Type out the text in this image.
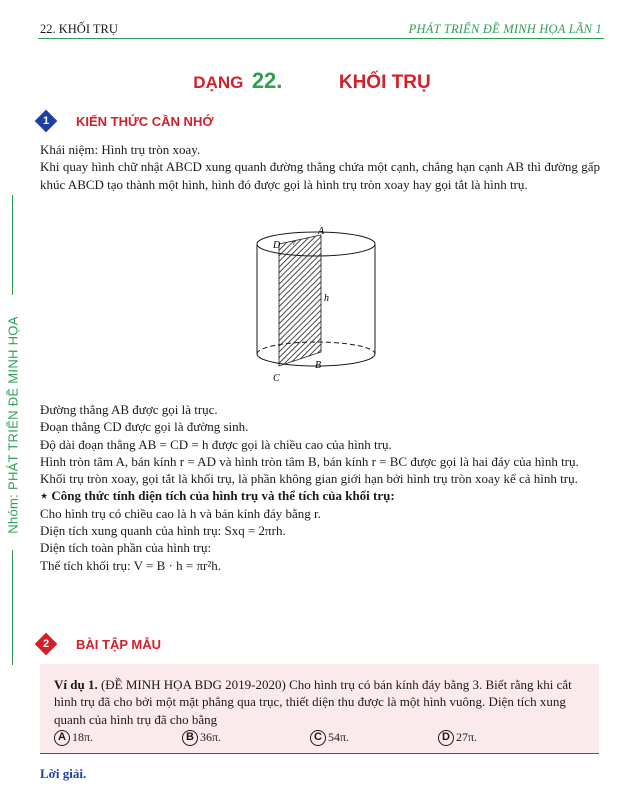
22. KHỐI TRỤ	PHÁT TRIỂN ĐỀ MINH HỌA LẦN 1
Nhóm: PHÁT TRIỂN ĐỀ MINH HỌA
DẠNG 22.	KHỐI TRỤ
1 KIẾN THỨC CẦN NHỚ

Khái niệm: Hình trụ tròn xoay.

Khi quay hình chữ nhật ABCD xung quanh đường thẳng chứa một cạnh, chẳng hạn cạnh AB thì đường gấp khúc ABCD tạo thành một hình, hình đó được gọi là hình trụ tròn xoay hay gọi tắt là hình trụ.

A
D r
h
B
C

Đường thẳng AB được gọi là trục.

Đoạn thẳng CD được gọi là đường sinh.

Độ dài đoạn thẳng AB = CD = h được gọi là chiều cao của hình trụ.

Hình tròn tâm A, bán kính r = AD và hình tròn tâm B, bán kính r = BC được gọi là hai đáy của hình trụ.

Khối trụ tròn xoay, gọi tắt là khối trụ, là phần không gian giới hạn bởi hình trụ tròn xoay kể cả hình trụ.

⋆ Công thức tính diện tích của hình trụ và thể tích của khối trụ:

Cho hình trụ có chiều cao là h và bán kính đáy bằng r.

Diện tích xung quanh của hình trụ: Sxq = 2πrh.

Diện tích toàn phần của hình trụ:

Thể tích khối trụ: V = B · h = πr²h.

2 BÀI TẬP MẪU
Ví dụ 1. (ĐỀ MINH HỌA BDG 2019-2020) Cho hình trụ có bán kính đáy bằng 3. Biết rằng khi cắt hình trụ đã cho bởi một mặt phẳng qua trục, thiết diện thu được là một hình vuông. Diện tích xung quanh của hình trụ đã cho bằng
A 18π.	B 36π.	C 54π.	D 27π.
Lời giải.
